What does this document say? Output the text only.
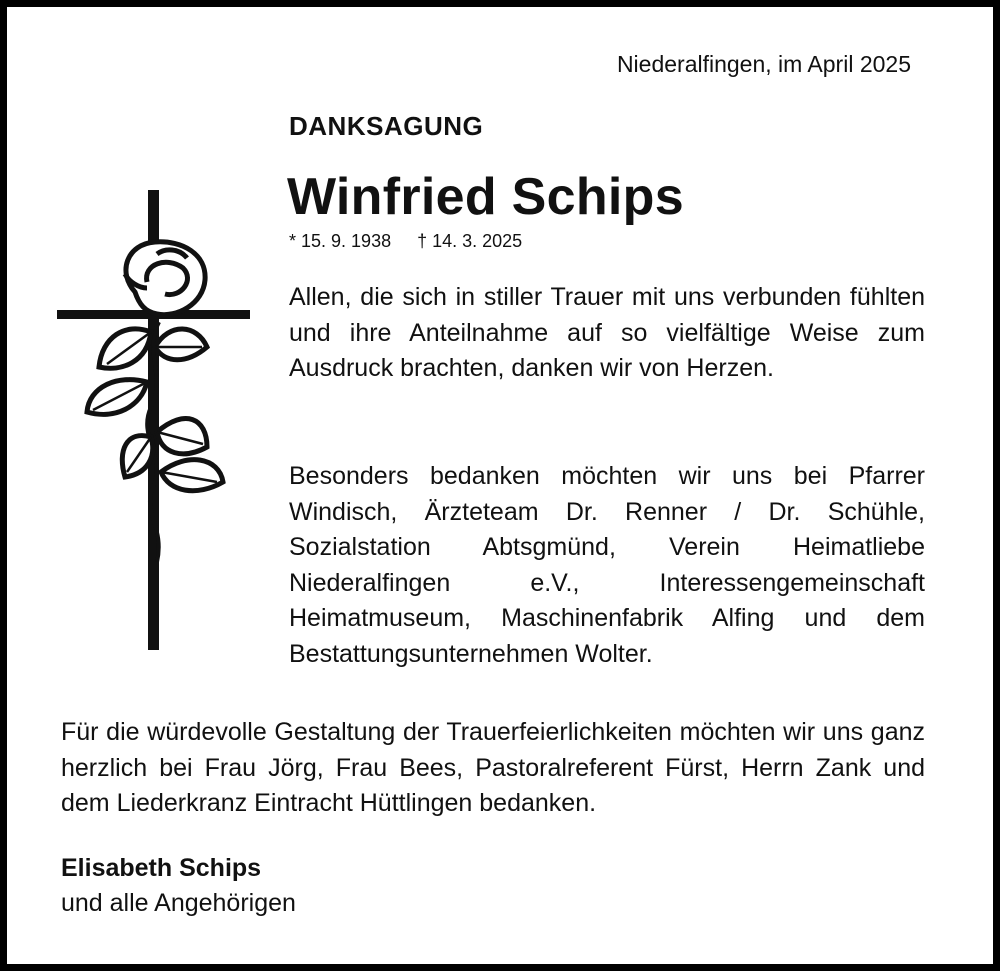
Niederalfingen, im April 2025

DANKSAGUNG

Winfried Schips

* 15. 9. 1938 † 14. 3. 2025

Allen, die sich in stiller Trauer mit uns verbunden fühlten und ihre Anteilnahme auf so vielfältige Weise zum Ausdruck brachten, danken wir von Herzen.

Besonders bedanken möchten wir uns bei Pfarrer Windisch, Ärzteteam Dr. Renner / Dr. Schühle, Sozialstation Abtsgmünd, Verein Heimatliebe Niederalfingen e.V., Interessengemeinschaft Heimatmuseum, Maschinenfabrik Alfing und dem Bestattungsunternehmen Wolter.

Für die würdevolle Gestaltung der Trauerfeierlichkeiten möchten wir uns ganz herzlich bei Frau Jörg, Frau Bees, Pastoralreferent Fürst, Herrn Zank und dem Liederkranz Eintracht Hüttlingen bedanken.

Elisabeth Schips

und alle Angehörigen
